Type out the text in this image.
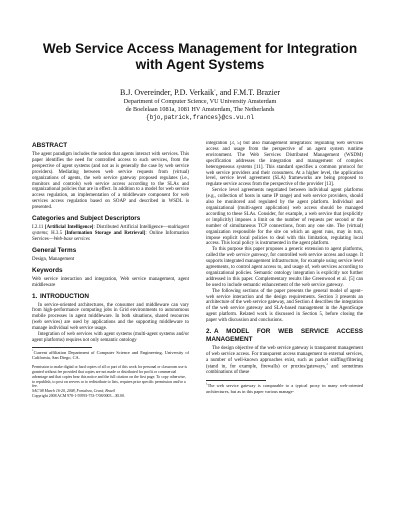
Web Service Access Management for Integration with Agent Systems
B.J. Overeinder, P.D. Verkaik*, and F.M.T. Brazier
Department of Computer Science, VU University Amsterdam
de Boelelaan 1081a, 1081 HV Amsterdam, The Netherlands
{bjo,patrick,frances}@cs.vu.nl
ABSTRACT

The agent paradigm includes the notion that agents interact with services. This paper identifies the need for controlled access to such services, from the perspective of agent systems (and not as is generally the case by web service providers). Mediating between web service requests from (virtual) organizations of agents, the web service gateway proposed regulates (i.e., monitors and controls) web service access according to the SLAs and organizational policies that are in effect. In addition to a model for web service access regulation, an implementation of a middleware component for web services access regulation based on SOAP and described in WSDL is presented.

Categories and Subject Descriptors

I.2.11 [Artificial Intelligence]: Distributed Artificial Intelligence—multiagent systems; H.3.5 [Information Storage and Retrieval]: Online Information Services—Web-base services

General Terms

Design, Management

Keywords

Web service interaction and integration, Web service management, agent middleware

1. INTRODUCTION

In service-oriented architectures, the consumer and middleware can vary from high-performance computing jobs in Grid environments to autonomous mobile processes in agent middleware. In both situations, shared resources (web services) are used by applications and the supporting middleware to manage individual web service usage.

Integration of web services with agent systems (multi-agent systems and/or agent platforms) requires not only semantic ontology

*Current affiliation Department of Computer Science and Engineering, University of California, San Diego, CA.

Permission to make digital or hard copies of all or part of this work for personal or classroom use is granted without fee provided that copies are not made or distributed for profit or commercial advantage and that copies bear this notice and the full citation on the first page. To copy otherwise, to republish, to post on servers or to redistribute to lists, requires prior specific permission and/or a fee.

SAC'08 March 16-20, 2008, Fortaleza, Ceará, Brazil

Copyright 2008 ACM 978-1-59593-753-7/08/0003 ...$5.00.

integration [3, 5] but also management integration: regulating web services access and usage from the perspective of an agent system runtime environment. The Web Services Distributed Management (WSDM) specification addresses the integration and management of complex heterogeneous systems [11]. This standard specifies a common protocol for web service providers and their consumers. At a higher level, the application level, service level agreement (SLA) frameworks are being proposed to regulate service access from the perspective of the provider [13].

Service level agreements negotiated between individual agent platforms (e.g., collection of hosts in same IP range) and web service providers, should also be monitored and regulated by the agent platform. Individual and organizational (multi-agent application) web access should be managed according to these SLAs. Consider, for example, a web service that (explicitly or implicitly) imposes a limit on the number of requests per second or the number of simultaneous TCP connections, from any one site. The (virtual) organization responsible for the site on which an agent runs, may in turn, impose explicit local policies to deal with this limitation, regulating local access. This local policy is instrumented in the agent platform.

To this purpose this paper proposes a generic extension to agent platforms, called the web service gateway, for controlled web service access and usage. It supports integrated management infrastructure, for example using service level agreements, to control agent access to, and usage of, web services according to organizational policies. Semantic ontology integration is explicitly not further addressed in this paper. Complementary results like Greenwood et al. [5] can be used to include semantic enhancement of the web service gateway.

The following sections of the paper presents the general model of agent–web service interaction and the design requirements. Section 3 presents an architecture of the web service gateway, and Section 4 describes the integration of the web service gateway and SLA-based management in the AgentScape agent platform. Related work is discussed in Section 5, before closing the paper with discussion and conclusions.

2. A MODEL FOR WEB SERVICE ACCESS MANAGEMENT

The design objective of the web service gateway is transparent management of web service access. For transparent access management to external services, a number of well-known approaches exist, such as packet sniffing/filtering (stand in, for example, firewalls) or proxies/gateways,$^1$ and sometimes combinations of these

$^1$The web service gateway is comparable to a typical proxy in many web-oriented architectures, but as in this paper various manage-
